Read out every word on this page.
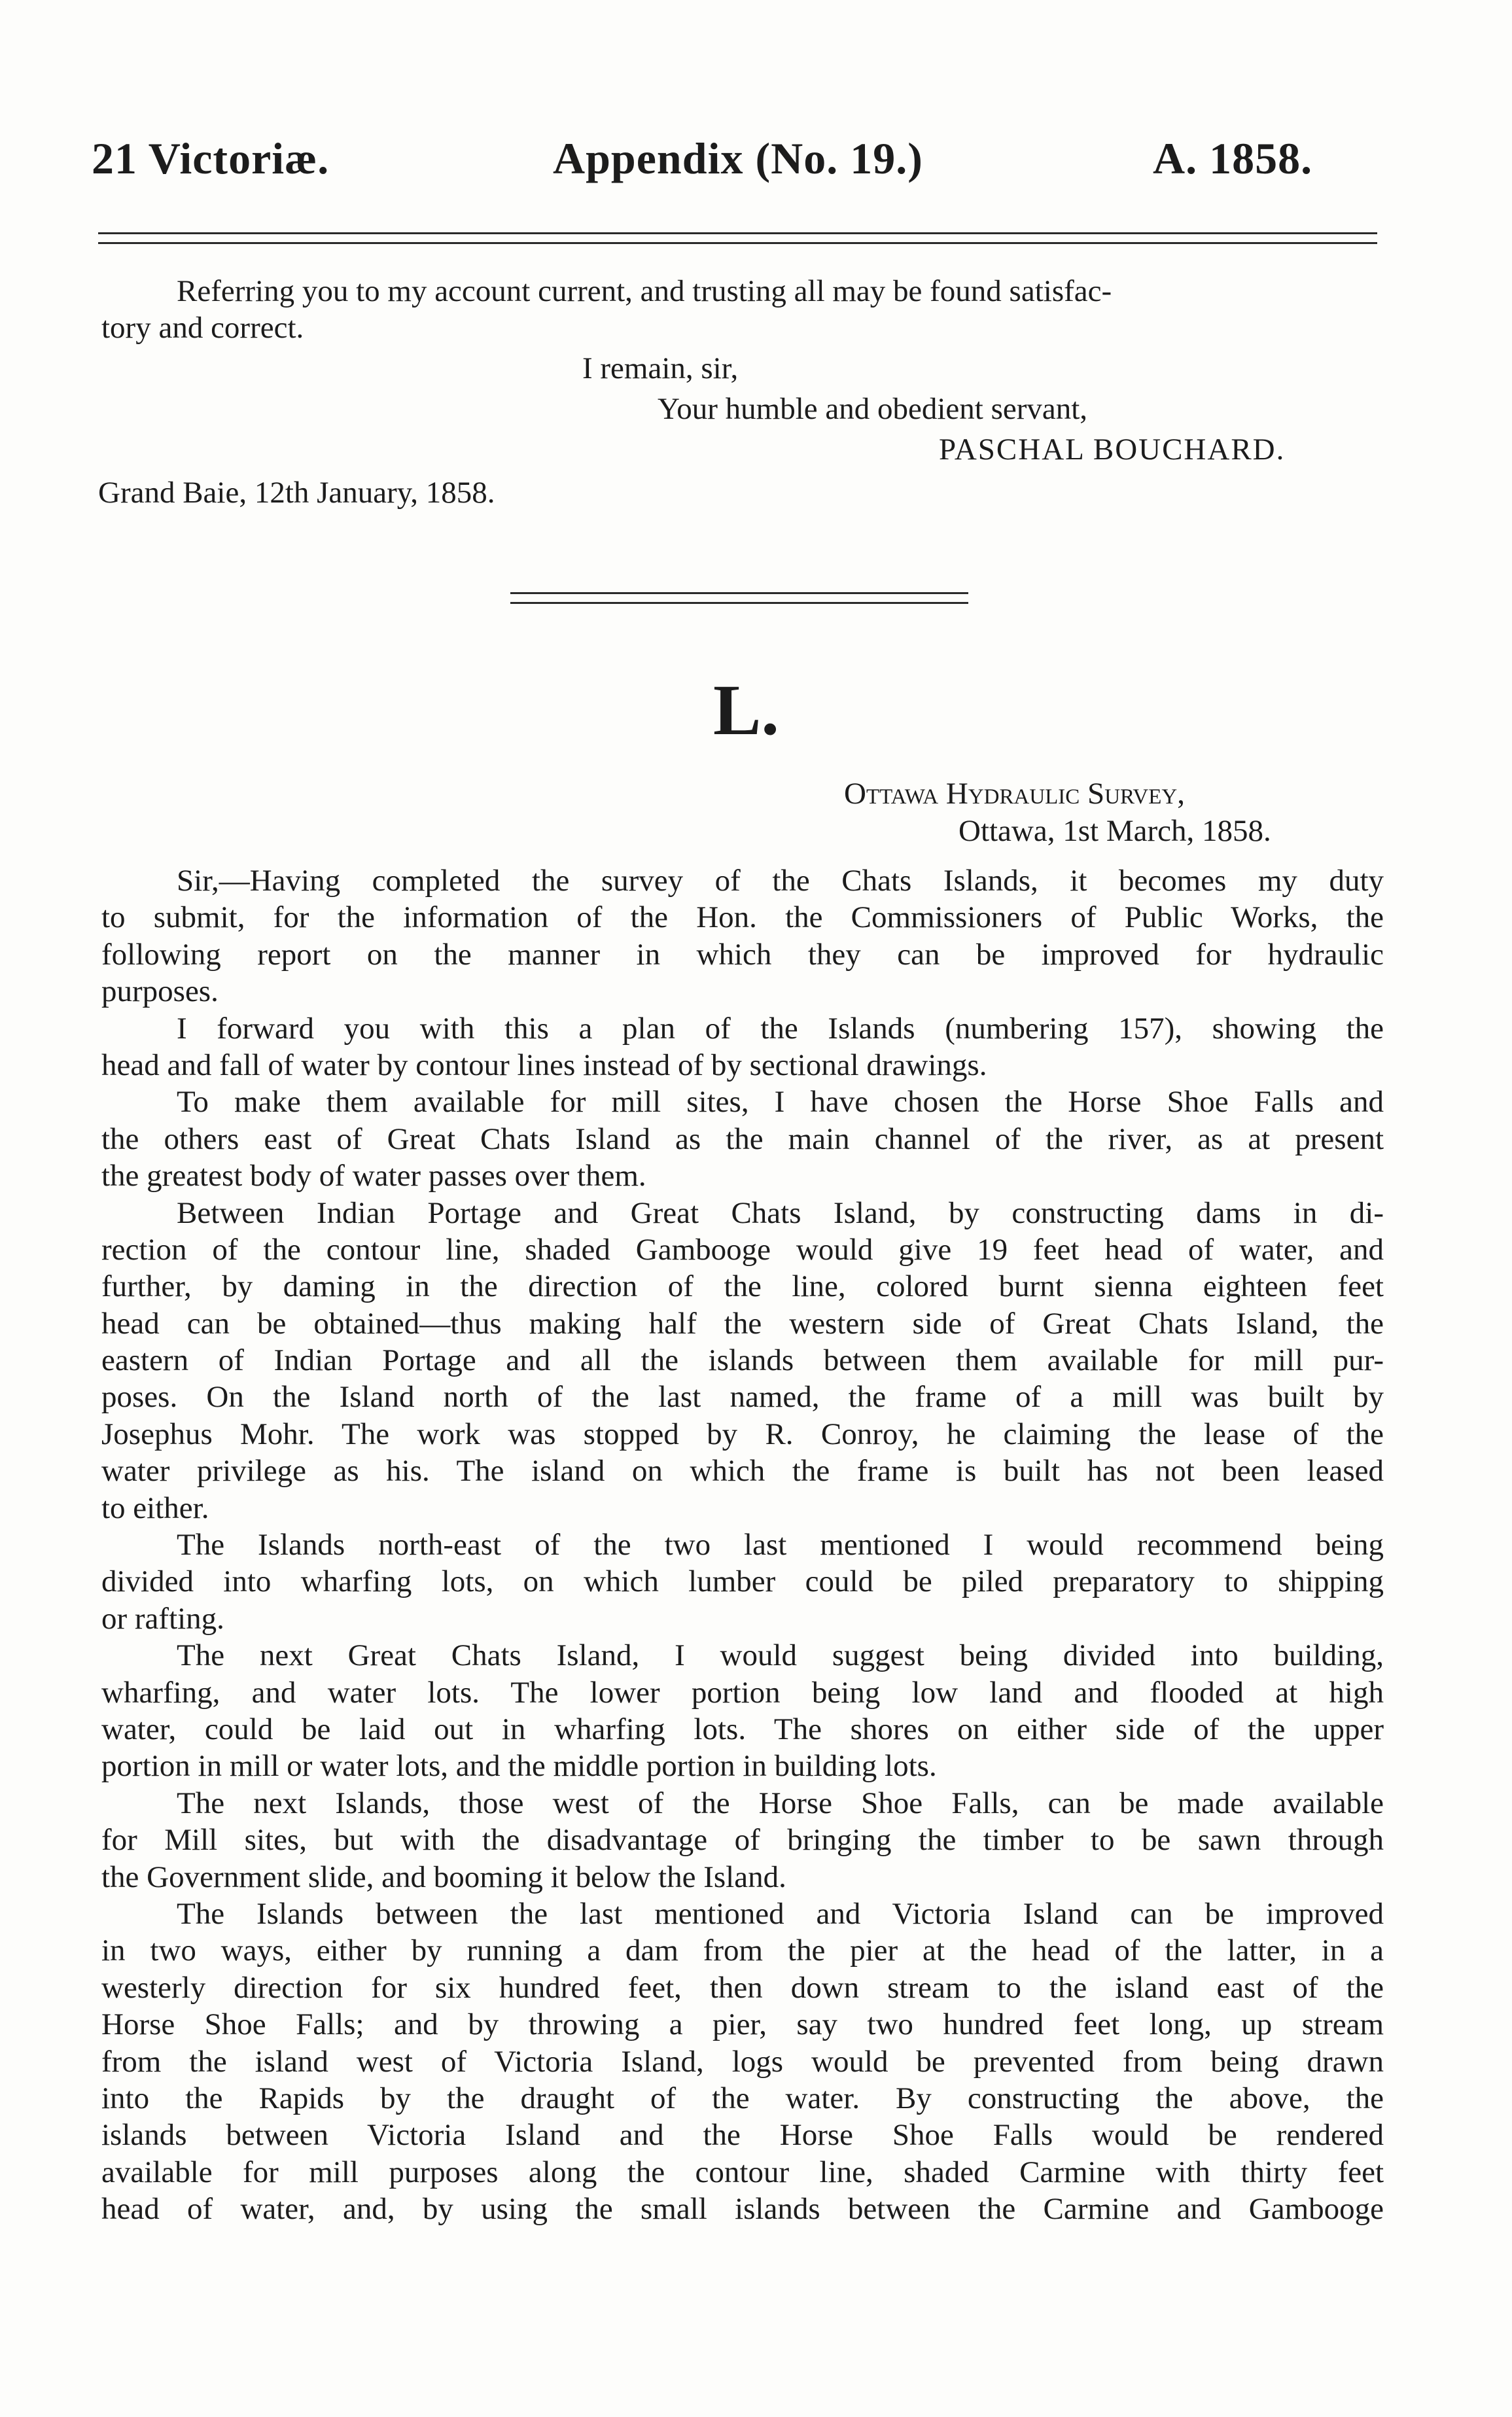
21 Victoriæ.	Appendix (No. 19.)	A. 1858.
Referring you to my account current, and trusting all may be found satisfac-
tory and correct.
I remain, sir,
Your humble and obedient servant,
PASCHAL BOUCHARD.
Grand Baie, 12th January, 1858.
L.
Ottawa Hydraulic Survey,
Ottawa, 1st March, 1858.
Sir,—Having completed the survey of the Chats Islands, it becomes my duty
to submit, for the information of the Hon. the Commissioners of Public Works, the
following report on the manner in which they can be improved for hydraulic
purposes.
I forward you with this a plan of the Islands (numbering 157), showing the
head and fall of water by contour lines instead of by sectional drawings.
To make them available for mill sites, I have chosen the Horse Shoe Falls and
the others east of Great Chats Island as the main channel of the river, as at present
the greatest body of water passes over them.
Between Indian Portage and Great Chats Island, by constructing dams in di-
rection of the contour line, shaded Gambooge would give 19 feet head of water, and
further, by daming in the direction of the line, colored burnt sienna eighteen feet
head can be obtained—thus making half the western side of Great Chats Island, the
eastern of Indian Portage and all the islands between them available for mill pur-
poses. On the Island north of the last named, the frame of a mill was built by
Josephus Mohr. The work was stopped by R. Conroy, he claiming the lease of the
water privilege as his. The island on which the frame is built has not been leased
to either.
The Islands north-east of the two last mentioned I would recommend being
divided into wharfing lots, on which lumber could be piled preparatory to shipping
or rafting.
The next Great Chats Island, I would suggest being divided into building,
wharfing, and water lots. The lower portion being low land and flooded at high
water, could be laid out in wharfing lots. The shores on either side of the upper
portion in mill or water lots, and the middle portion in building lots.
The next Islands, those west of the Horse Shoe Falls, can be made available
for Mill sites, but with the disadvantage of bringing the timber to be sawn through
the Government slide, and booming it below the Island.
The Islands between the last mentioned and Victoria Island can be improved
in two ways, either by running a dam from the pier at the head of the latter, in a
westerly direction for six hundred feet, then down stream to the island east of the
Horse Shoe Falls; and by throwing a pier, say two hundred feet long, up stream
from the island west of Victoria Island, logs would be prevented from being drawn
into the Rapids by the draught of the water. By constructing the above, the
islands between Victoria Island and the Horse Shoe Falls would be rendered
available for mill purposes along the contour line, shaded Carmine with thirty feet
head of water, and, by using the small islands between the Carmine and Gambooge
